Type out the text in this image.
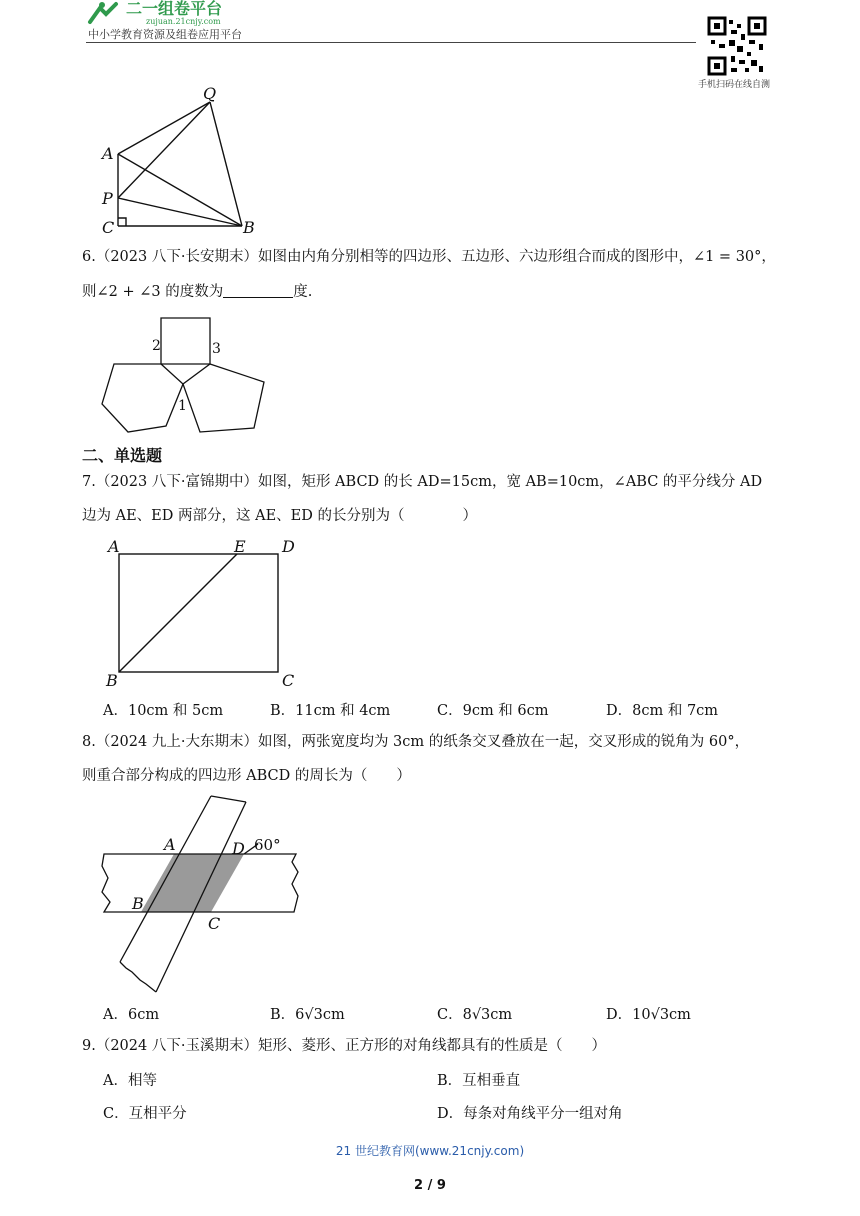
二一组卷平台
zujuan.21cnjy.com
中小学教育资源及组卷应用平台
手机扫码在线自测
Q
A
P
C	B
6.（2023 八下·长安期末）如图由内角分别相等的四边形、五边形、六边形组合而成的图形中，∠1 = 30°，
则∠2 + ∠3 的度数为	度.
2	3
1
二、单选题
7.（2023 八下·富锦期中）如图，矩形 ABCD 的长 AD=15cm，宽 AB=10cm，∠ABC 的平分线分 AD
边为 AE、ED 两部分，这 AE、ED 的长分别为（　　　　）
A	E D
B	C
A．10cm 和 5cm	B．11cm 和 4cm	C．9cm 和 6cm	D．8cm 和 7cm
8.（2024 九上·大东期末）如图，两张宽度均为 3cm 的纸条交叉叠放在一起，交叉形成的锐角为 60°，
则重合部分构成的四边形 ABCD 的周长为（　　）
A	D
B
C
60°
A．6cm	B．6√3cm	C．8√3cm	D．10√3cm
9.（2024 八下·玉溪期末）矩形、菱形、正方形的对角线都具有的性质是（　　）
A．相等	B．互相垂直
C．互相平分	D．每条对角线平分一组对角
21 世纪教育网(www.21cnjy.com)
2 / 9
